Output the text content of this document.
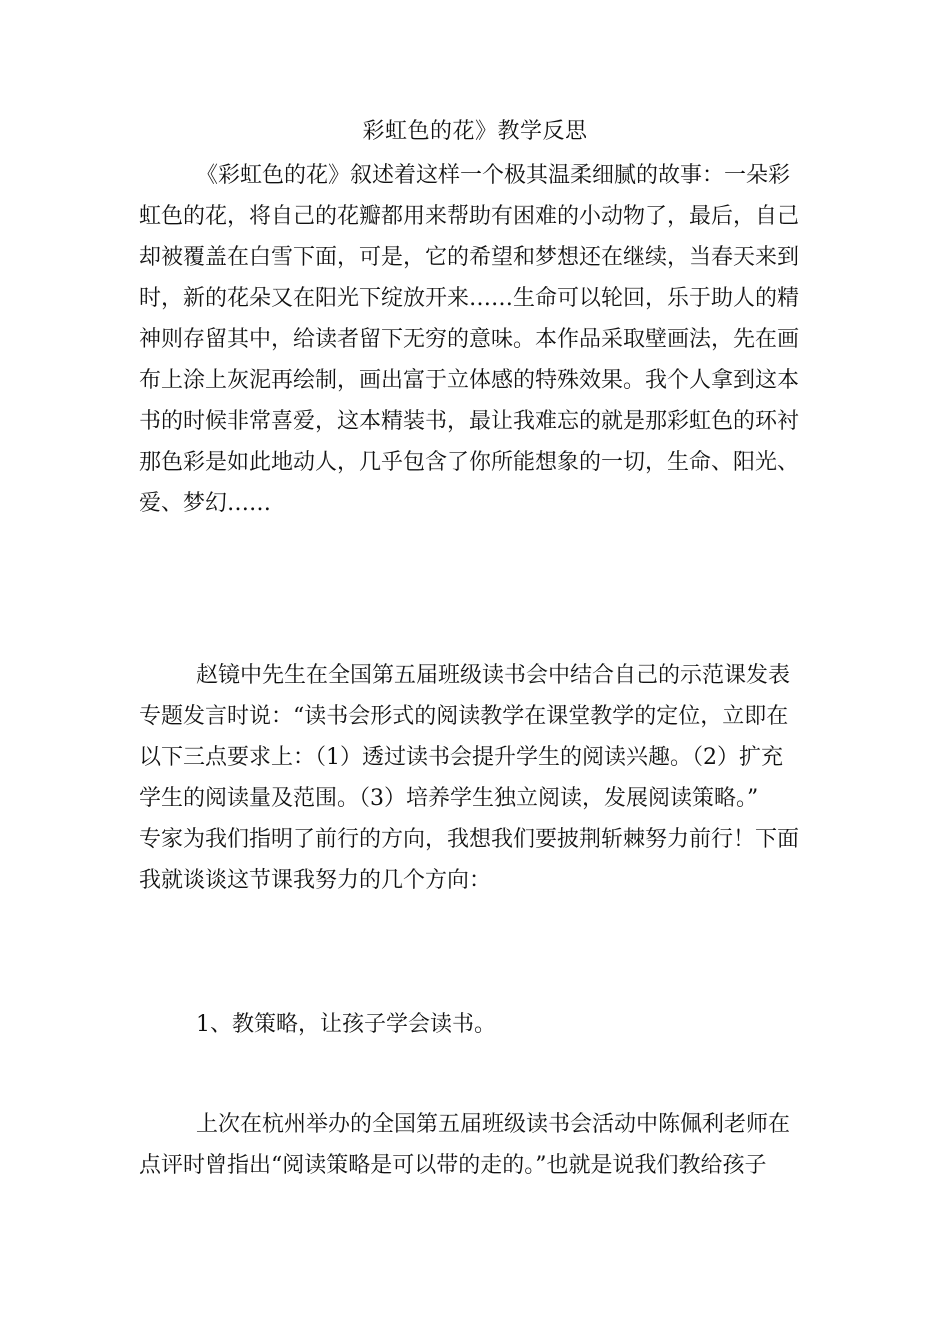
彩虹色的花》教学反思
《彩虹色的花》叙述着这样一个极其温柔细腻的故事：一朵彩
虹色的花，将自己的花瓣都用来帮助有困难的小动物了，最后，自己
却被覆盖在白雪下面，可是，它的希望和梦想还在继续，当春天来到
时，新的花朵又在阳光下绽放开来……生命可以轮回，乐于助人的精
神则存留其中，给读者留下无穷的意味。本作品采取壁画法，先在画
布上涂上灰泥再绘制，画出富于立体感的特殊效果。我个人拿到这本
书的时候非常喜爱，这本精装书，最让我难忘的就是那彩虹色的环衬
那色彩是如此地动人，几乎包含了你所能想象的一切，生命、阳光、
爱、梦幻……
赵镜中先生在全国第五届班级读书会中结合自己的示范课发表
专题发言时说：“读书会形式的阅读教学在课堂教学的定位，立即在
以下三点要求上：（1）透过读书会提升学生的阅读兴趣。（2）扩充
学生的阅读量及范围。（3）培养学生独立阅读，发展阅读策略。”
专家为我们指明了前行的方向，我想我们要披荆斩棘努力前行！下面
我就谈谈这节课我努力的几个方向：
1、教策略，让孩子学会读书。
上次在杭州举办的全国第五届班级读书会活动中陈佩利老师在
点评时曾指出“阅读策略是可以带的走的。”也就是说我们教给孩子
